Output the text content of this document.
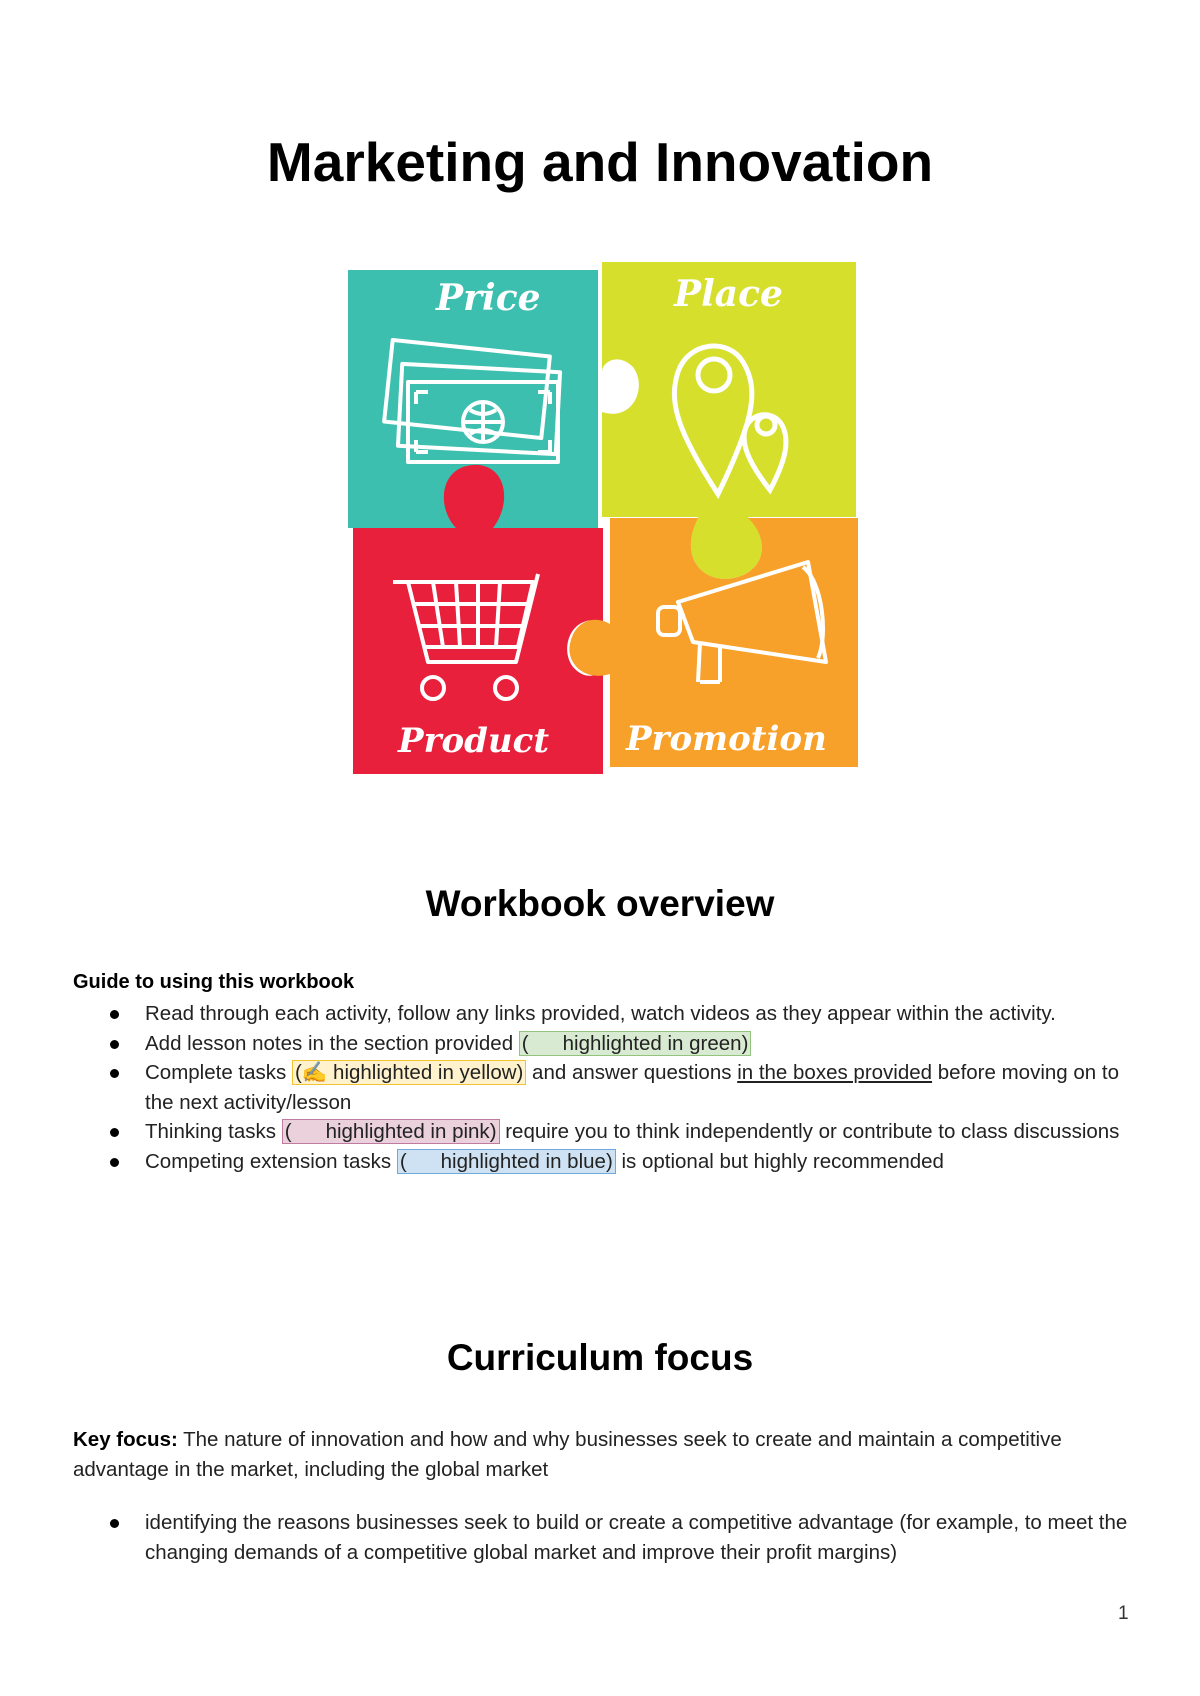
Marketing and Innovation
Price	Place
Product Promotion
Workbook overview
Guide to using this workbook
Read through each activity, follow any links provided, watch videos as they appear within the activity.
Add lesson notes in the section provided ( highlighted in green)
Complete tasks (✍ highlighted in yellow) and answer questions in the boxes provided before moving on to the next activity/lesson
Thinking tasks ( highlighted in pink) require you to think independently or contribute to class discussions
Competing extension tasks ( highlighted in blue) is optional but highly recommended
Curriculum focus

Key focus: The nature of innovation and how and why businesses seek to create and maintain a competitive advantage in the market, including the global market

identifying the reasons businesses seek to build or create a competitive advantage (for example, to meet the changing demands of a competitive global market and improve their profit margins)
1
